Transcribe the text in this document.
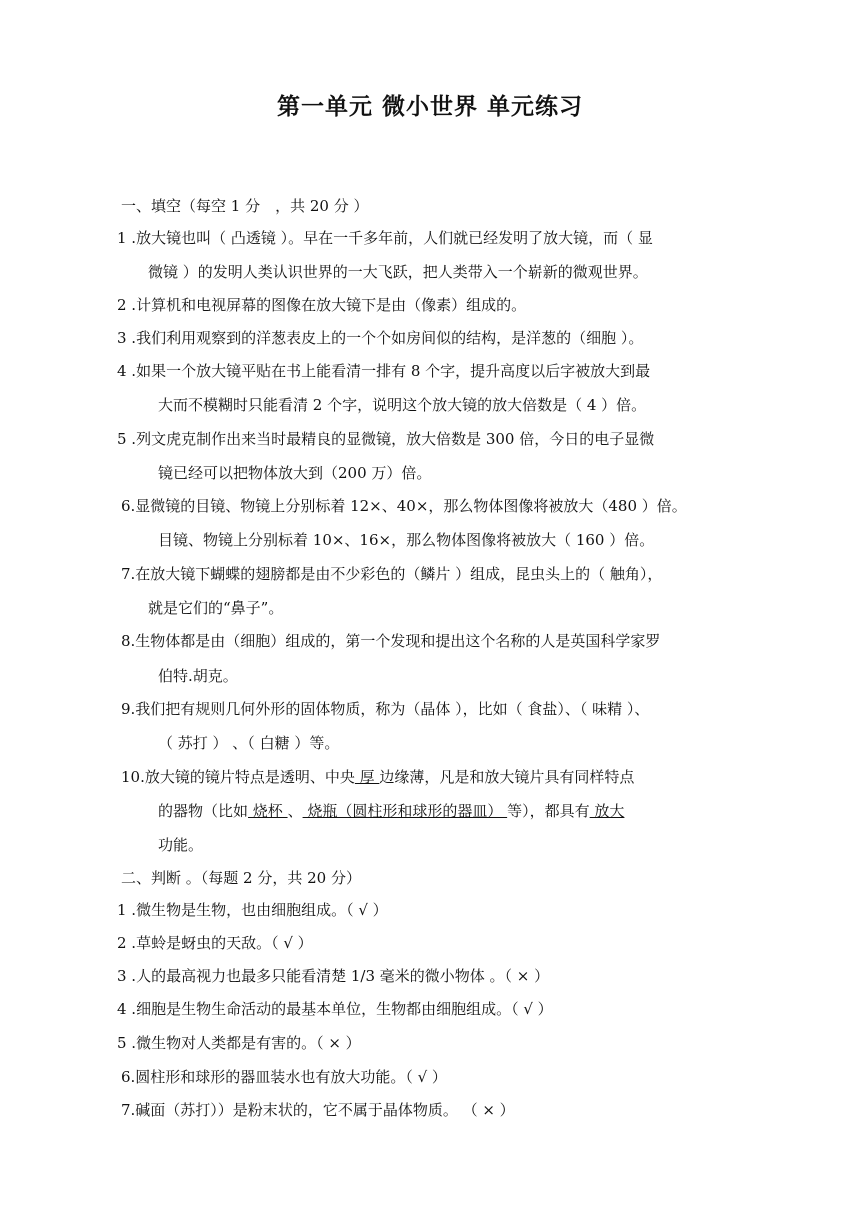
第一单元 微小世界 单元练习
一、填空（每空 1 分　，共 20 分 ）
1 .放大镜也叫（ 凸透镜 ）。早在一千多年前，人们就已经发明了放大镜，而（ 显
微镜 ）的发明人类认识世界的一大飞跃，把人类带入一个崭新的微观世界。
2 .计算机和电视屏幕的图像在放大镜下是由（像素）组成的。
3 .我们利用观察到的洋葱表皮上的一个个如房间似的结构，是洋葱的（细胞 ）。
4 .如果一个放大镜平贴在书上能看清一排有 8 个字，提升高度以后字被放大到最
大而不模糊时只能看清 2 个字，说明这个放大镜的放大倍数是（ 4 ）倍。
5 .列文虎克制作出来当时最精良的显微镜，放大倍数是 300 倍，今日的电子显微
镜已经可以把物体放大到（200 万）倍。
6.显微镜的目镜、物镜上分别标着 12×、40×，那么物体图像将被放大（480 ）倍。
目镜、物镜上分别标着 10×、16×，那么物体图像将被放大（ 160 ）倍。
7.在放大镜下蝴蝶的翅膀都是由不少彩色的（鳞片 ）组成，昆虫头上的（ 触角），
就是它们的“鼻子”。
8.生物体都是由（细胞）组成的，第一个发现和提出这个名称的人是英国科学家罗
伯特.胡克。
9.我们把有规则几何外形的固体物质，称为（晶体 ），比如（ 食盐）、（ 味精 ）、
（ 苏打 ） 、（ 白糖 ）等。
10.放大镜的镜片特点是透明、中央 厚 边缘薄，凡是和放大镜片具有同样特点
的器物（比如 烧杯 、 烧瓶（圆柱形和球形的器皿） 等），都具有 放大
功能。
二、判断 。（每题 2 分，共 20 分）
1 .微生物是生物，也由细胞组成。（ √ ）
2 .草蛉是蚜虫的天敌。（ √ ）
3 .人的最高视力也最多只能看清楚 1/3 毫米的微小物体 。（ × ）
4 .细胞是生物生命活动的最基本单位，生物都由细胞组成。（ √ ）
5 .微生物对人类都是有害的。（ × ）
6.圆柱形和球形的器皿装水也有放大功能。（ √ ）
7.碱面（苏打））是粉末状的，它不属于晶体物质。 （ × ）
